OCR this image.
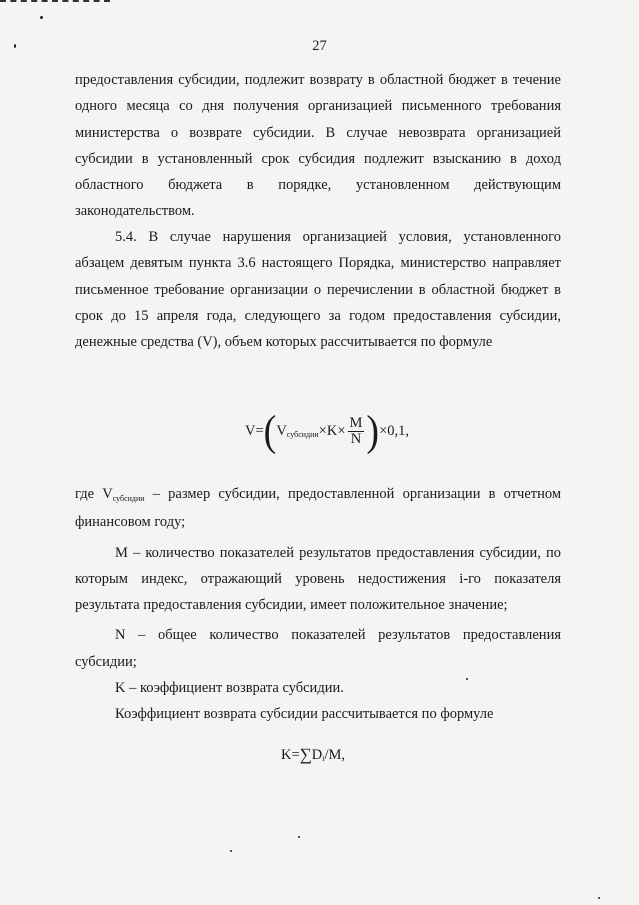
27

предоставления субсидии, подлежит возврату в областной бюджет в течение одного месяца со дня получения организацией письменного требования министерства о возврате субсидии. В случае невозврата организацией субсидии в установленный срок субсидия подлежит взысканию в доход областного бюджета в порядке, установленном действующим законодательством.

5.4. В случае нарушения организацией условия, установленного абзацем девятым пункта 3.6 настоящего Порядка, министерство направляет письменное требование организации о перечислении в областной бюджет в срок до 15 апреля года, следующего за годом предоставления субсидии, денежные средства (V), объем которых рассчитывается по формуле

V= ( V субсидии $\times K\times \frac{M}{N}$ ) ×0,1,

где $V_{субсидии}$ – размер субсидии, предоставленной организации в отчетном финансовом году;

M – количество показателей результатов предоставления субсидии, по которым индекс, отражающий уровень недостижения i-го показателя результата предоставления субсидии, имеет положительное значение;

N – общее количество показателей результатов предоставления субсидии;

K – коэффициент возврата субсидии.

Коэффициент возврата субсидии рассчитывается по формуле

K= ∑ D i /M,
